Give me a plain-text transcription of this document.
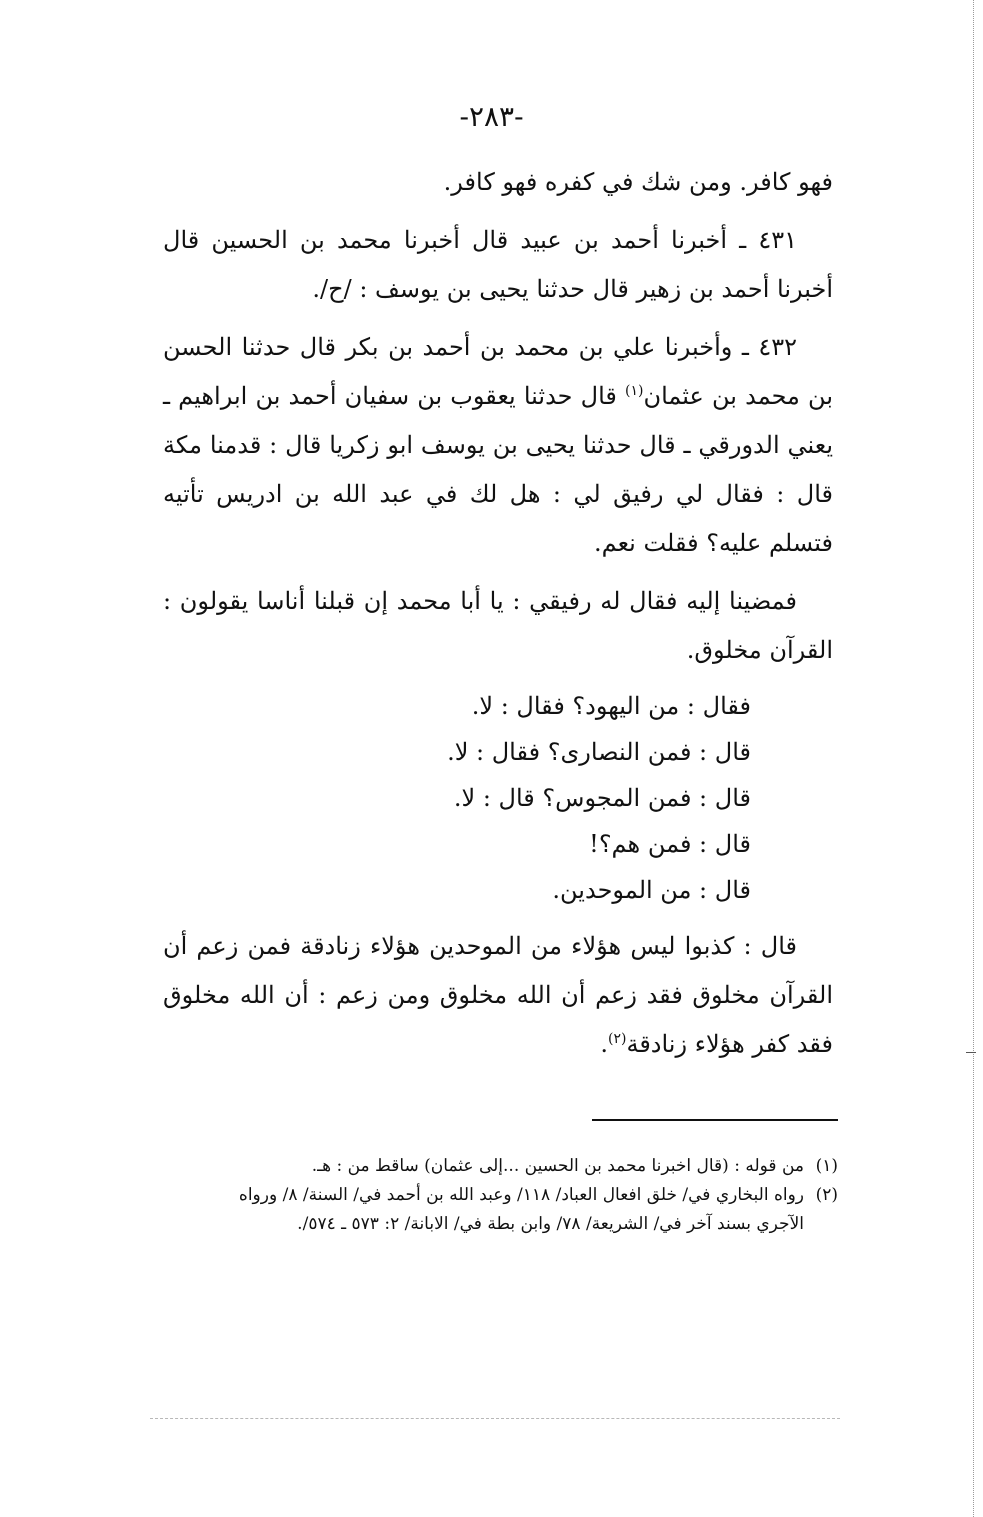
-٢٨٣-

فهو كافر. ومن شك في كفره فهو كافر.

٤٣١ ـ أخبرنا أحمد بن عبيد قال أخبرنا محمد بن الحسين قال أخبرنا أحمد بن زهير قال حدثنا يحيى بن يوسف : /ح/.

٤٣٢ ـ وأخبرنا علي بن محمد بن أحمد بن بكر قال حدثنا الحسن بن محمد بن عثمان$^{(١)}$ قال حدثنا يعقوب بن سفيان أحمد بن ابراهيم ـ يعني الدورقي ـ قال حدثنا يحيى بن يوسف ابو زكريا قال : قدمنا مكة قال : فقال لي رفيق لي : هل لك في عبد الله بن ادريس تأتيه فتسلم عليه؟ فقلت نعم.

فمضينا إليه فقال له رفيقي : يا أبا محمد إن قبلنا أناسا يقولون : القرآن مخلوق.

فقال : من اليهود؟ فقال : لا.

قال : فمن النصارى؟ فقال : لا.

قال : فمن المجوس؟ قال : لا.

قال : فمن هم؟!

قال : من الموحدين.

قال : كذبوا ليس هؤلاء من الموحدين هؤلاء زنادقة فمن زعم أن القرآن مخلوق فقد زعم أن الله مخلوق ومن زعم : أن الله مخلوق فقد كفر هؤلاء زنادقة$^{(٢)}$.

(١)
من قوله : (قال اخبرنا محمد بن الحسين ...إلى عثمان) ساقط من : هـ.

(٢)
رواه البخاري في/ خلق افعال العباد/ ١١٨/ وعبد الله بن أحمد في/ السنة/ ٨/ ورواه الآجري بسند آخر في/ الشريعة/ ٧٨/ وابن بطة في/ الابانة/ ٢: ٥٧٣ ـ ٥٧٤/.
